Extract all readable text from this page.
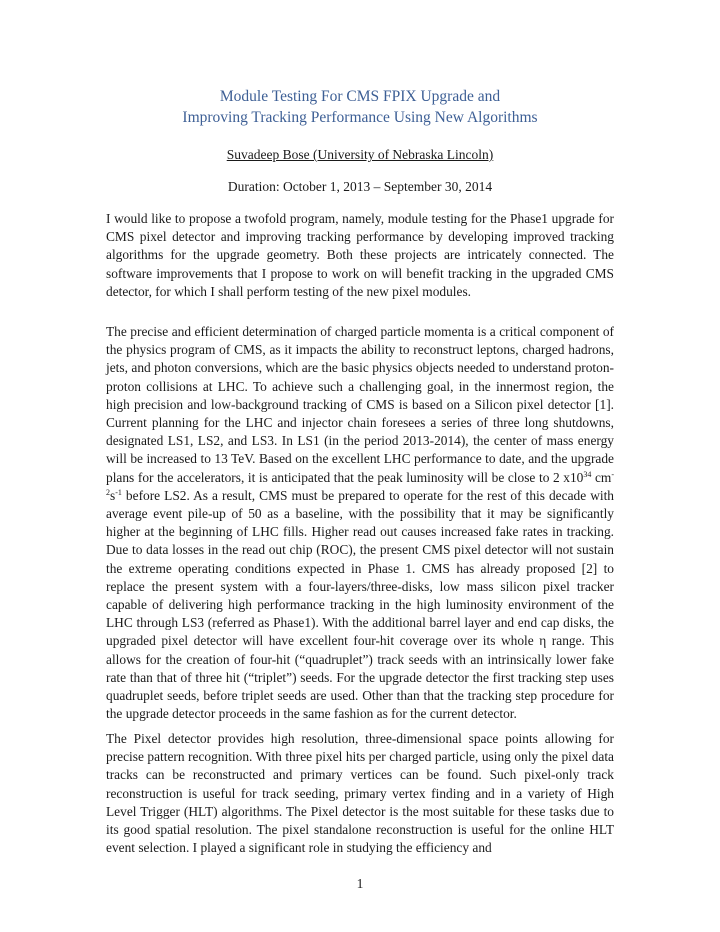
Module Testing For CMS FPIX Upgrade and
Improving Tracking Performance Using New Algorithms
Suvadeep Bose (University of Nebraska Lincoln)
Duration: October 1, 2013 – September 30, 2014
I would like to propose a twofold program, namely, module testing for the Phase1 upgrade for CMS pixel detector and improving tracking performance by developing improved tracking algorithms for the upgrade geometry. Both these projects are intricately connected. The software improvements that I propose to work on will benefit tracking in the upgraded CMS detector, for which I shall perform testing of the new pixel modules.
The precise and efficient determination of charged particle momenta is a critical component of the physics program of CMS, as it impacts the ability to reconstruct leptons, charged hadrons, jets, and photon conversions, which are the basic physics objects needed to understand proton-proton collisions at LHC. To achieve such a challenging goal, in the innermost region, the high precision and low-background tracking of CMS is based on a Silicon pixel detector [1]. Current planning for the LHC and injector chain foresees a series of three long shutdowns, designated LS1, LS2, and LS3. In LS1 (in the period 2013-2014), the center of mass energy will be increased to 13 TeV. Based on the excellent LHC performance to date, and the upgrade plans for the accelerators, it is anticipated that the peak luminosity will be close to 2 $x10^{34}$ $cm^{-2}s^{-1}$ before LS2. As a result, CMS must be prepared to operate for the rest of this decade with average event pile-up of 50 as a baseline, with the possibility that it may be significantly higher at the beginning of LHC fills. Higher read out causes increased fake rates in tracking. Due to data losses in the read out chip (ROC), the present CMS pixel detector will not sustain the extreme operating conditions expected in Phase 1. CMS has already proposed [2] to replace the present system with a four-layers/three-disks, low mass silicon pixel tracker capable of delivering high performance tracking in the high luminosity environment of the LHC through LS3 (referred as Phase1). With the additional barrel layer and end cap disks, the upgraded pixel detector will have excellent four-hit coverage over its whole η range. This allows for the creation of four-hit (“quadruplet”) track seeds with an intrinsically lower fake rate than that of three hit (“triplet”) seeds. For the upgrade detector the first tracking step uses quadruplet seeds, before triplet seeds are used. Other than that the tracking step procedure for the upgrade detector proceeds in the same fashion as for the current detector.
The Pixel detector provides high resolution, three-dimensional space points allowing for precise pattern recognition. With three pixel hits per charged particle, using only the pixel data tracks can be reconstructed and primary vertices can be found. Such pixel-only track reconstruction is useful for track seeding, primary vertex finding and in a variety of High Level Trigger (HLT) algorithms. The Pixel detector is the most suitable for these tasks due to its good spatial resolution. The pixel standalone reconstruction is useful for the online HLT event selection. I played a significant role in studying the efficiency and
1
